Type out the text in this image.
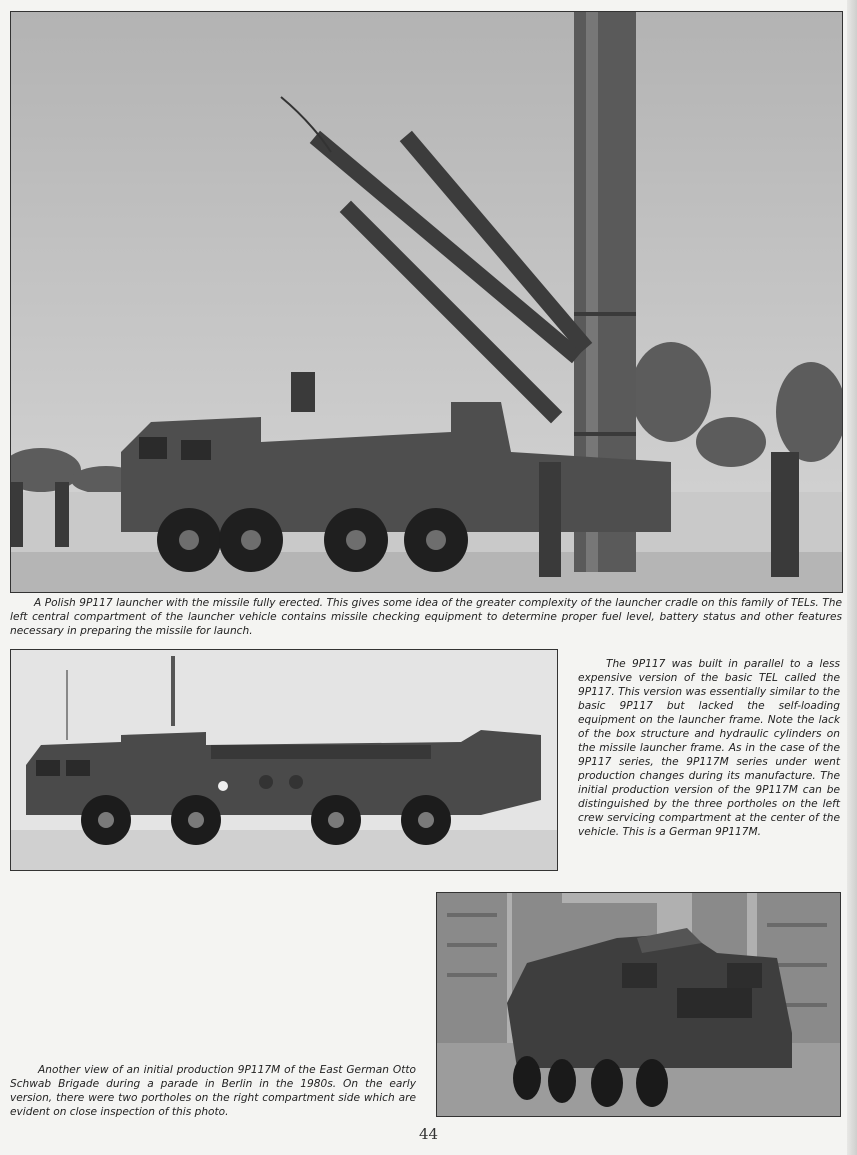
A Polish 9P117 launcher with the missile fully erected. This gives some idea of the greater complexity of the launcher cradle on this family of TELs. The left central compartment of the launcher vehicle contains missile checking equipment to determine proper fuel level, battery status and other features necessary in preparing the missile for launch.
The 9P117 was built in parallel to a less expensive version of the basic TEL called the 9P117. This version was essentially similar to the basic 9P117 but lacked the self-loading equipment on the launcher frame. Note the lack of the box structure and hydraulic cylinders on the missile launcher frame. As in the case of the 9P117 series, the 9P117M series under went production changes during its manufacture. The initial production version of the 9P117M can be distinguished by the three portholes on the left crew servicing compartment at the center of the vehicle. This is a German 9P117M.
Another view of an initial production 9P117M of the East German Otto Schwab Brigade during a parade in Berlin in the 1980s. On the early version, there were two portholes on the right compartment side which are evident on close inspection of this photo.
44
